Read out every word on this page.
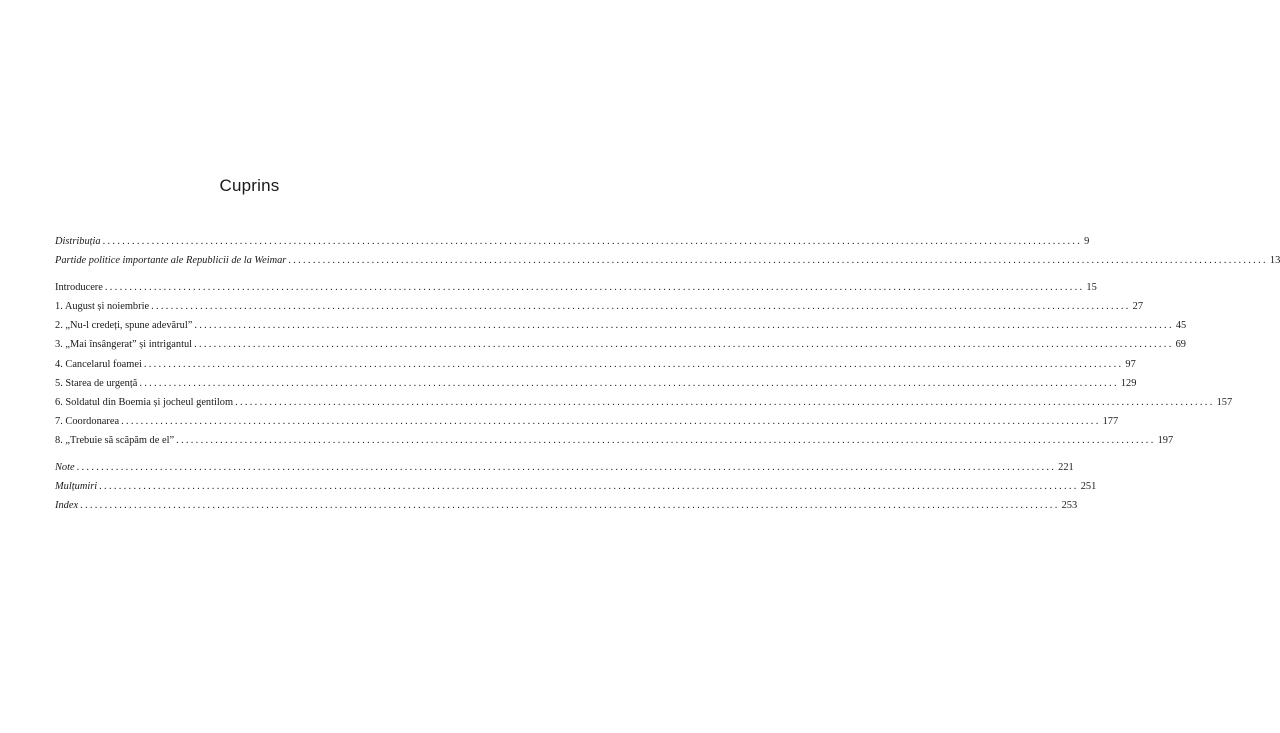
Cuprins
Distribuția ........................................................................................................................................................................................................ 9
Partide politice importante ale Republicii de la Weimar ........................................................................................................................................................................................................ 13
Introducere ........................................................................................................................................................................................................ 15
1. August și noiembrie ........................................................................................................................................................................................................ 27
2. „Nu-l credeți, spune adevărul” ........................................................................................................................................................................................................ 45
3. „Mai însângerat” și intrigantul ........................................................................................................................................................................................................ 69
4. Cancelarul foamei ........................................................................................................................................................................................................ 97
5. Starea de urgență ........................................................................................................................................................................................................ 129
6. Soldatul din Boemia și jocheul gentilom ........................................................................................................................................................................................................ 157
7. Coordonarea ........................................................................................................................................................................................................ 177
8. „Trebuie să scăpăm de el” ........................................................................................................................................................................................................ 197
Note ........................................................................................................................................................................................................ 221
Mulțumiri ........................................................................................................................................................................................................ 251
Index ........................................................................................................................................................................................................ 253
